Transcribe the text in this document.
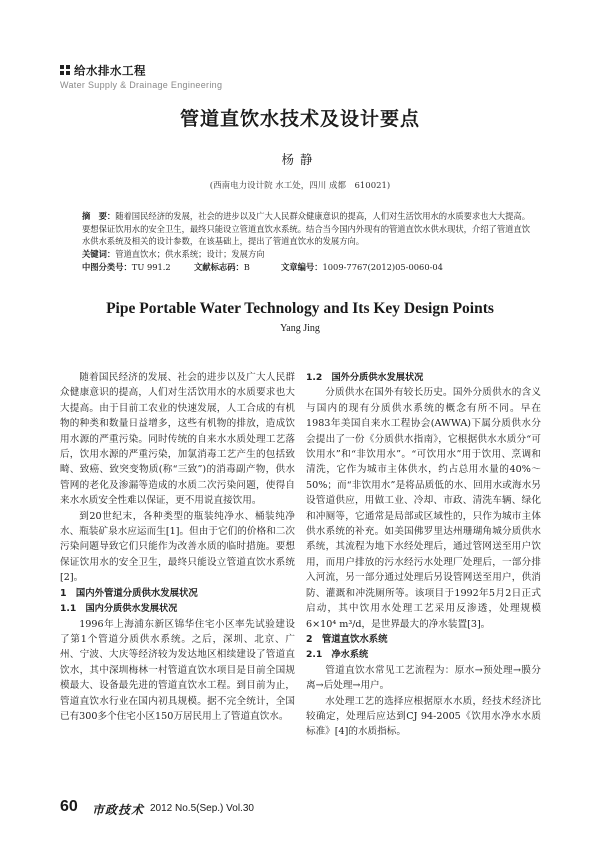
给水排水工程
Water Supply & Drainage Engineering
管道直饮水技术及设计要点
杨静
(西南电力设计院 水工处，四川 成都　610021)
摘　要：随着国民经济的发展，社会的进步以及广大人民群众健康意识的提高，人们对生活饮用水的水质要求也大大提高。要想保证饮用水的安全卫生，最终只能设立管道直饮水系统。结合当今国内外现有的管道直饮水供水现状，介绍了管道直饮水供水系统及相关的设计参数，在该基础上，提出了管道直饮水的发展方向。
关键词：管道直饮水；供水系统；设计；发展方向
中图分类号：TU 991.2	文献标志码：B	文章编号：1009-7767(2012)05-0060-04
Pipe Portable Water Technology and Its Key Design Points
Yang Jing

随着国民经济的发展、社会的进步以及广大人民群众健康意识的提高，人们对生活饮用水的水质要求也大大提高。由于目前工农业的快速发展，人工合成的有机物的种类和数量日益增多，这些有机物的排放，造成饮用水源的严重污染。同时传统的自来水水质处理工艺落后，饮用水源的严重污染，加氯消毒工艺产生的包括致畸、致癌、致突变物质(称“三致”)的消毒副产物，供水管网的老化及渗漏等造成的水质二次污染问题，使得自来水水质安全性难以保证，更不用说直接饮用。

到20世纪末，各种类型的瓶装纯净水、桶装纯净水、瓶装矿泉水应运而生[1]。但由于它们的价格和二次污染问题导致它们只能作为改善水质的临时措施。要想保证饮用水的安全卫生，最终只能设立管道直饮水系统[2]。

1　国内外管道分质供水发展状况
1.1　国内分质供水发展状况

1996年上海浦东新区锦华住宅小区率先试验建设了第1个管道分质供水系统。之后，深圳、北京、广州、宁波、大庆等经济较为发达地区相续建设了管道直饮水，其中深圳梅林一村管道直饮水项目是目前全国规模最大、设备最先进的管道直饮水工程。到目前为止，管道直饮水行业在国内初具规模。据不完全统计，全国已有300多个住宅小区150万居民用上了管道直饮水。

1.2　国外分质供水发展状况

分质供水在国外有较长历史。国外分质供水的含义与国内的现有分质供水系统的概念有所不同。早在1983年美国自来水工程协会(AWWA)下属分质供水分会提出了一份《分质供水指南》，它根据供水水质分“可饮用水”和“非饮用水”。“可饮用水”用于饮用、烹调和清洗，它作为城市主体供水，约占总用水量的40%～50%；而“非饮用水”是将品质低的水、回用水或海水另设管道供应，用做工业、冷却、市政、清洗车辆、绿化和冲厕等，它通常是局部或区域性的，只作为城市主体供水系统的补充。如美国佛罗里达州珊瑚角城分质供水系统，其流程为地下水经处理后，通过管网送至用户饮用，而用户排放的污水经污水处理厂处理后，一部分排入河流，另一部分通过处理后另设管网送至用户，供消防、灌溉和冲洗厕所等。该项目于1992年5月2日正式启动，其中饮用水处理工艺采用反渗透，处理规模6×10⁴ m³/d，是世界最大的净水装置[3]。

2　管道直饮水系统
2.1　净水系统

管道直饮水常见工艺流程为：原水→预处理→膜分离→后处理→用户。

水处理工艺的选择应根据原水水质，经技术经济比较确定，处理后应达到CJ 94-2005《饮用水净水水质标准》[4]的水质指标。

60 市政技术 2012 No.5(Sep.) Vol.30
